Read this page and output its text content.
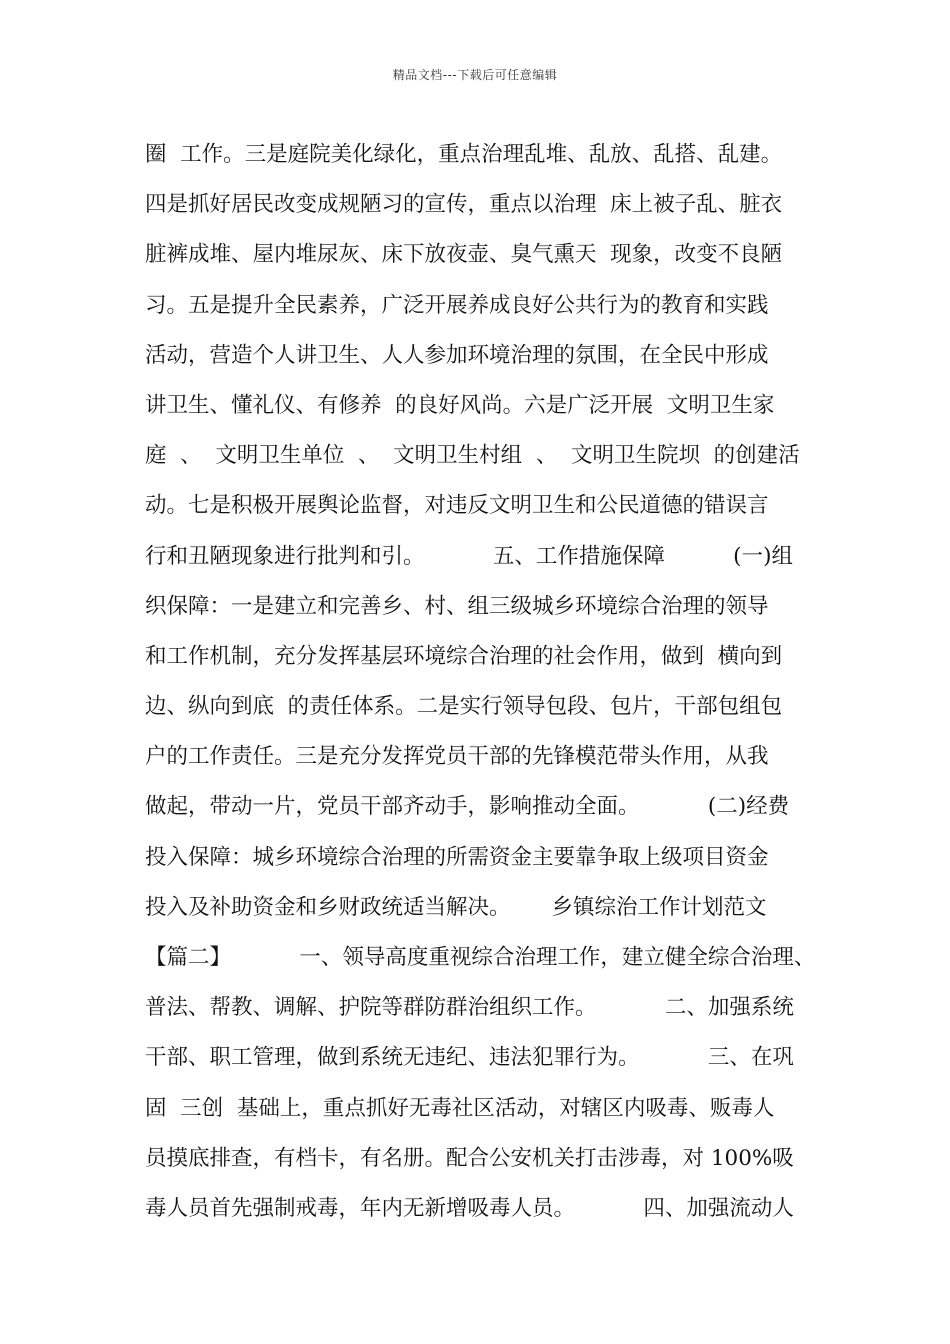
精品文档---下载后可任意编辑
圈  工作。三是庭院美化绿化，重点治理乱堆、乱放、乱搭、乱建。
四是抓好居民改变成规陋习的宣传，重点以治理  床上被子乱、脏衣
脏裤成堆、屋内堆尿灰、床下放夜壶、臭气熏天  现象，改变不良陋
习。五是提升全民素养，广泛开展养成良好公共行为的教育和实践
活动，营造个人讲卫生、人人参加环境治理的氛围，在全民中形成
讲卫生、懂礼仪、有修养  的良好风尚。六是广泛开展  文明卫生家
庭  、  文明卫生单位  、  文明卫生村组  、  文明卫生院坝  的创建活
动。七是积极开展舆论监督，对违反文明卫生和公民道德的错误言
行和丑陋现象进行批判和引。          五、工作措施保障          (一)组
织保障：一是建立和完善乡、村、组三级城乡环境综合治理的领导
和工作机制，充分发挥基层环境综合治理的社会作用，做到  横向到
边、纵向到底  的责任体系。二是实行领导包段、包片，干部包组包
户的工作责任。三是充分发挥党员干部的先锋模范带头作用，从我
做起，带动一片，党员干部齐动手，影响推动全面。          (二)经费
投入保障：城乡环境综合治理的所需资金主要靠争取上级项目资金
投入及补助资金和乡财政统适当解决。      乡镇综治工作计划范文
【篇二】          一、领导高度重视综合治理工作，建立健全综合治理、
普法、帮教、调解、护院等群防群治组织工作。          二、加强系统
干部、职工管理，做到系统无违纪、违法犯罪行为。          三、在巩
固  三创  基础上，重点抓好无毒社区活动，对辖区内吸毒、贩毒人
员摸底排查，有档卡，有名册。配合公安机关打击涉毒，对 100%吸
毒人员首先强制戒毒，年内无新增吸毒人员。          四、加强流动人
